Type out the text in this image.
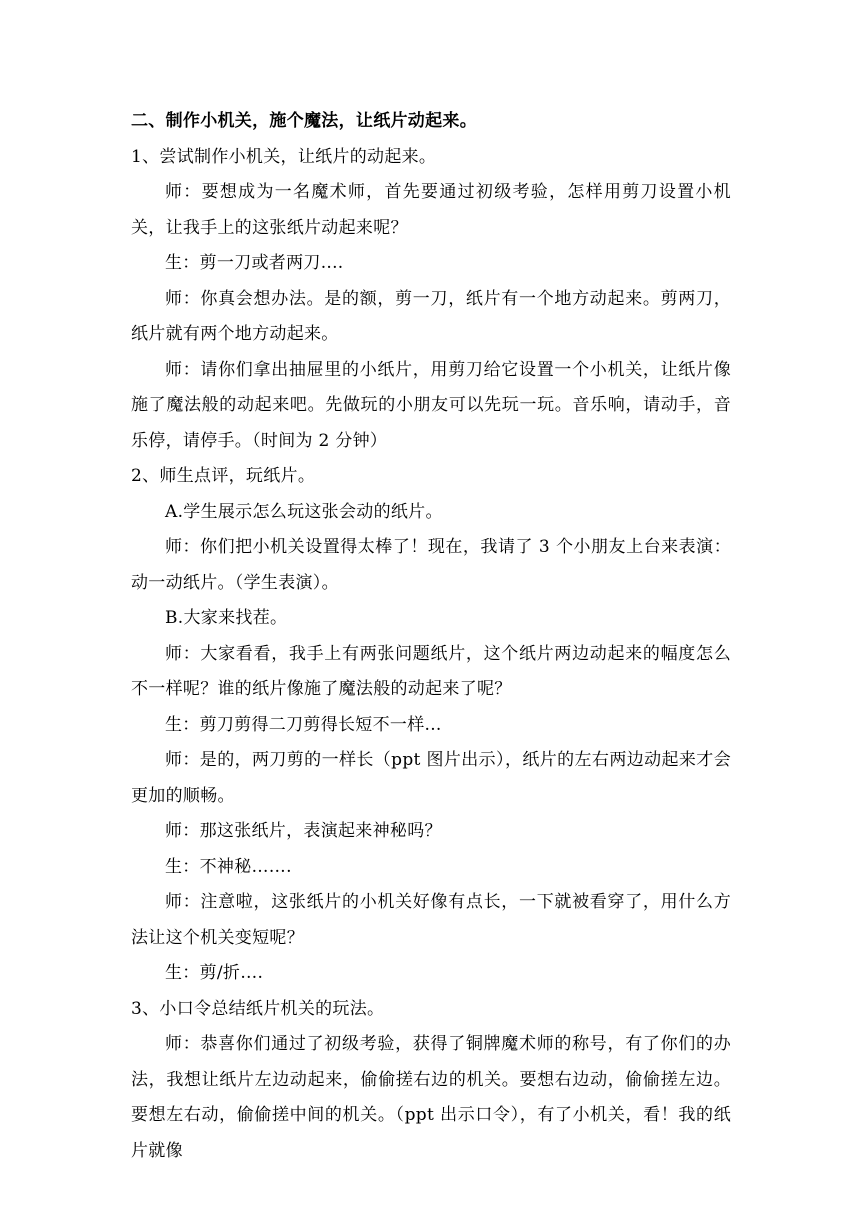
二、制作小机关，施个魔法，让纸片动起来。

1、尝试制作小机关，让纸片的动起来。

师：要想成为一名魔术师，首先要通过初级考验，怎样用剪刀设置小机关，让我手上的这张纸片动起来呢？

生：剪一刀或者两刀....

师：你真会想办法。是的额，剪一刀，纸片有一个地方动起来。剪两刀，纸片就有两个地方动起来。

师：请你们拿出抽屉里的小纸片，用剪刀给它设置一个小机关，让纸片像施了魔法般的动起来吧。先做玩的小朋友可以先玩一玩。音乐响，请动手，音乐停，请停手。（时间为 2 分钟）

2、师生点评，玩纸片。

A.学生展示怎么玩这张会动的纸片。

师：你们把小机关设置得太棒了！现在，我请了 3 个小朋友上台来表演：动一动纸片。（学生表演）。

B.大家来找茬。

师：大家看看，我手上有两张问题纸片，这个纸片两边动起来的幅度怎么不一样呢？谁的纸片像施了魔法般的动起来了呢？

生：剪刀剪得二刀剪得长短不一样...

师：是的，两刀剪的一样长（ppt 图片出示），纸片的左右两边动起来才会更加的顺畅。

师：那这张纸片，表演起来神秘吗？

生：不神秘…….

师：注意啦，这张纸片的小机关好像有点长，一下就被看穿了，用什么方法让这个机关变短呢？

生：剪/折….

3、小口令总结纸片机关的玩法。

师：恭喜你们通过了初级考验，获得了铜牌魔术师的称号，有了你们的办法，我想让纸片左边动起来，偷偷搓右边的机关。要想右边动，偷偷搓左边。要想左右动，偷偷搓中间的机关。（ppt 出示口令），有了小机关，看！我的纸片就像
